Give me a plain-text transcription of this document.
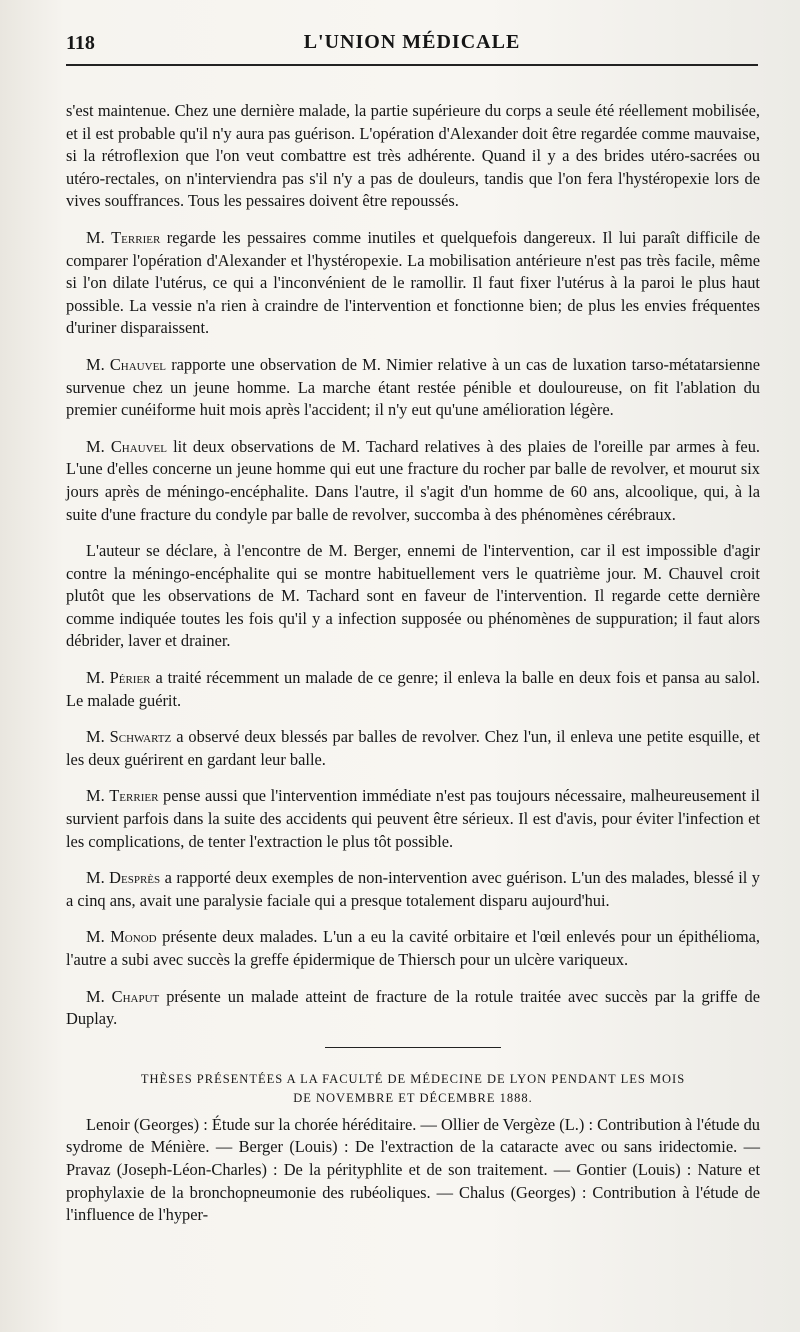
118	L'UNION MÉDICALE

s'est maintenue. Chez une dernière malade, la partie supérieure du corps a seule été réellement mobilisée, et il est probable qu'il n'y aura pas guérison. L'opération d'Alexander doit être regardée comme mauvaise, si la rétroflexion que l'on veut combattre est très adhérente. Quand il y a des brides utéro-sacrées ou utéro-rectales, on n'interviendra pas s'il n'y a pas de douleurs, tandis que l'on fera l'hystéropexie lors de vives souffrances. Tous les pessaires doivent être repoussés.

M. Terrier regarde les pessaires comme inutiles et quelquefois dangereux. Il lui paraît difficile de comparer l'opération d'Alexander et l'hystéropexie. La mobilisation antérieure n'est pas très facile, même si l'on dilate l'utérus, ce qui a l'inconvénient de le ramollir. Il faut fixer l'utérus à la paroi le plus haut possible. La vessie n'a rien à craindre de l'intervention et fonctionne bien; de plus les envies fréquentes d'uriner disparaissent.

M. Chauvel rapporte une observation de M. Nimier relative à un cas de luxation tarso-métatarsienne survenue chez un jeune homme. La marche étant restée pénible et douloureuse, on fit l'ablation du premier cunéiforme huit mois après l'accident; il n'y eut qu'une amélioration légère.

M. Chauvel lit deux observations de M. Tachard relatives à des plaies de l'oreille par armes à feu. L'une d'elles concerne un jeune homme qui eut une fracture du rocher par balle de revolver, et mourut six jours après de méningo-encéphalite. Dans l'autre, il s'agit d'un homme de 60 ans, alcoolique, qui, à la suite d'une fracture du condyle par balle de revolver, succomba à des phénomènes cérébraux.

L'auteur se déclare, à l'encontre de M. Berger, ennemi de l'intervention, car il est impossible d'agir contre la méningo-encéphalite qui se montre habituellement vers le quatrième jour. M. Chauvel croit plutôt que les observations de M. Tachard sont en faveur de l'intervention. Il regarde cette dernière comme indiquée toutes les fois qu'il y a infection supposée ou phénomènes de suppuration; il faut alors débrider, laver et drainer.

M. Périer a traité récemment un malade de ce genre; il enleva la balle en deux fois et pansa au salol. Le malade guérit.

M. Schwartz a observé deux blessés par balles de revolver. Chez l'un, il enleva une petite esquille, et les deux guérirent en gardant leur balle.

M. Terrier pense aussi que l'intervention immédiate n'est pas toujours nécessaire, malheureusement il survient parfois dans la suite des accidents qui peuvent être sérieux. Il est d'avis, pour éviter l'infection et les complications, de tenter l'extraction le plus tôt possible.

M. Desprès a rapporté deux exemples de non-intervention avec guérison. L'un des malades, blessé il y a cinq ans, avait une paralysie faciale qui a presque totalement disparu aujourd'hui.

M. Monod présente deux malades. L'un a eu la cavité orbitaire et l'œil enlevés pour un épithélioma, l'autre a subi avec succès la greffe épidermique de Thiersch pour un ulcère variqueux.

M. Chaput présente un malade atteint de fracture de la rotule traitée avec succès par la griffe de Duplay.

THÈSES PRÉSENTÉES A LA FACULTÉ DE MÉDECINE DE LYON PENDANT LES MOIS
DE NOVEMBRE ET DÉCEMBRE 1888.

Lenoir (Georges) : Étude sur la chorée héréditaire. — Ollier de Vergèze (L.) : Contribution à l'étude du sydrome de Ménière. — Berger (Louis) : De l'extraction de la cataracte avec ou sans iridectomie. — Pravaz (Joseph-Léon-Charles) : De la pérityphlite et de son traitement. — Gontier (Louis) : Nature et prophylaxie de la bronchopneumonie des rubéoliques. — Chalus (Georges) : Contribution à l'étude de l'influence de l'hyper-
